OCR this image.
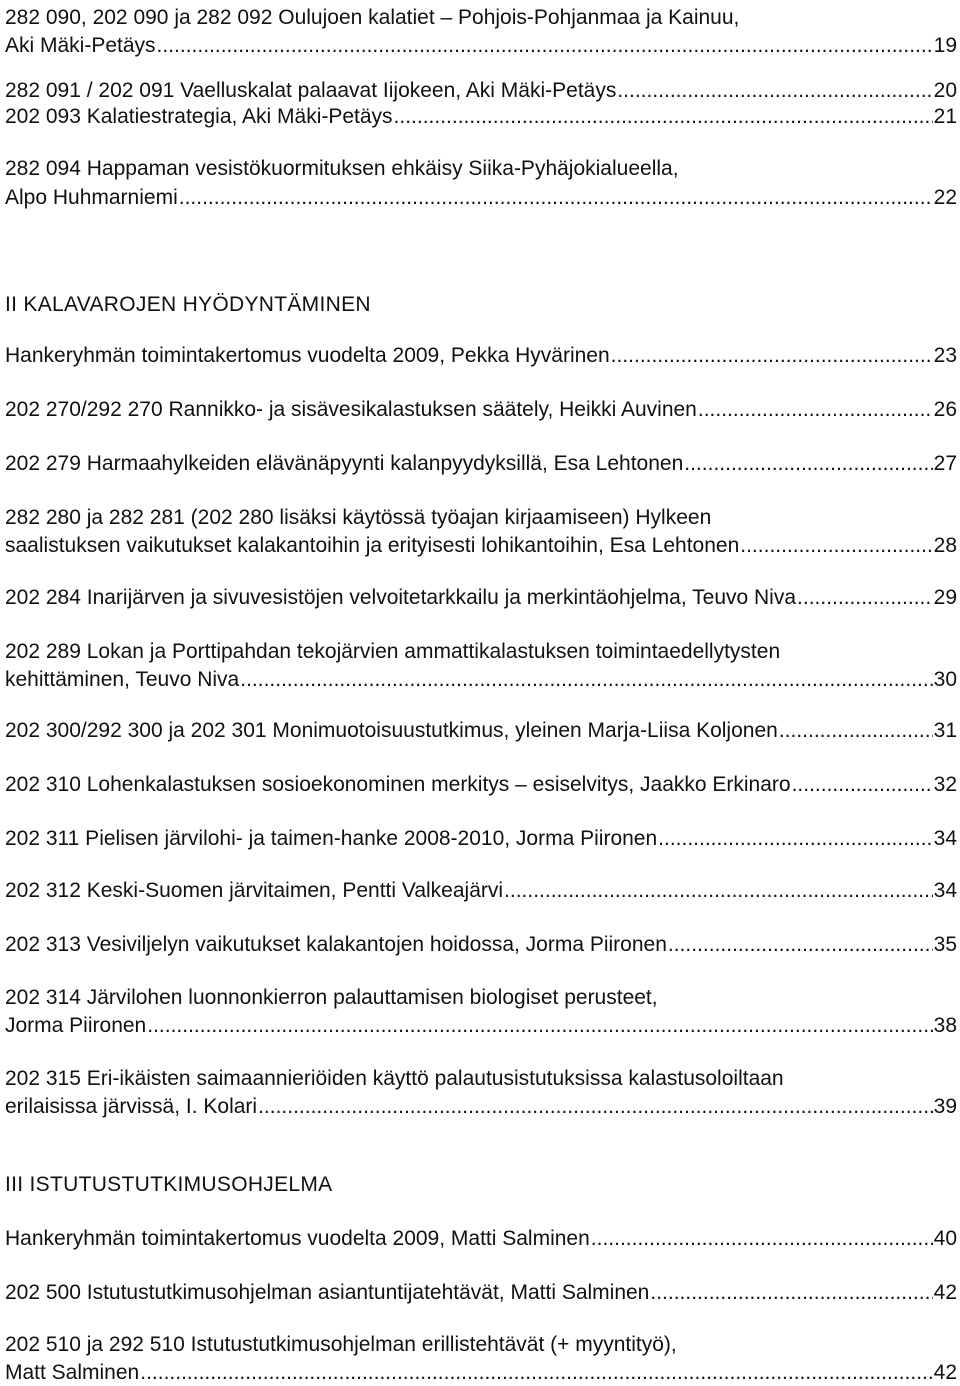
282 090, 202 090 ja 282 092 Oulujoen kalatiet – Pohjois-Pohjanmaa ja Kainuu,
Aki Mäki-Petäys .....	19
282 091 / 202 091 Vaelluskalat palaavat Iijokeen, Aki Mäki-Petäys .....	20
202 093 Kalatiestrategia, Aki Mäki-Petäys .....	21
282 094 Happaman vesistökuormituksen ehkäisy Siika-Pyhäjokialueella,
Alpo Huhmarniemi .....	22
II KALAVAROJEN HYÖDYNTÄMINEN
Hankeryhmän toimintakertomus vuodelta 2009, Pekka Hyvärinen .....	23
202 270/292 270 Rannikko- ja sisävesikalastuksen säätely, Heikki Auvinen .....	26
202 279 Harmaahylkeiden elävänäpyynti kalanpyydyksillä, Esa Lehtonen .....	27
282 280 ja 282 281 (202 280 lisäksi käytössä työajan kirjaamiseen) Hylkeen
saalistuksen vaikutukset kalakantoihin ja erityisesti lohikantoihin, Esa Lehtonen .....	28
202 284 Inarijärven ja sivuvesistöjen velvoitetarkkailu ja merkintäohjelma, Teuvo Niva .....	29
202 289 Lokan ja Porttipahdan tekojärvien ammattikalastuksen toimintaedellytysten
kehittäminen, Teuvo Niva .....	30
202 300/292 300 ja 202 301 Monimuotoisuustutkimus, yleinen Marja-Liisa Koljonen .....	31
202 310 Lohenkalastuksen sosioekonominen merkitys – esiselvitys, Jaakko Erkinaro .....	32
202 311 Pielisen järvilohi- ja taimen-hanke 2008-2010, Jorma Piironen .....	34
202 312 Keski-Suomen järvitaimen, Pentti Valkeajärvi .....	34
202 313 Vesiviljelyn vaikutukset kalakantojen hoidossa, Jorma Piironen .....	35
202 314 Järvilohen luonnonkierron palauttamisen biologiset perusteet,
Jorma Piironen .....	38
202 315 Eri-ikäisten saimaannieriöiden käyttö palautusistutuksissa kalastusoloiltaan
erilaisissa järvissä, I. Kolari .....	39
III ISTUTUSTUTKIMUSOHJELMA
Hankeryhmän toimintakertomus vuodelta 2009, Matti Salminen .....	40
202 500 Istutustutkimusohjelman asiantuntijatehtävät, Matti Salminen .....	42
202 510 ja 292 510 Istutustutkimusohjelman erillistehtävät (+ myyntityö),
Matt Salminen .....	42
